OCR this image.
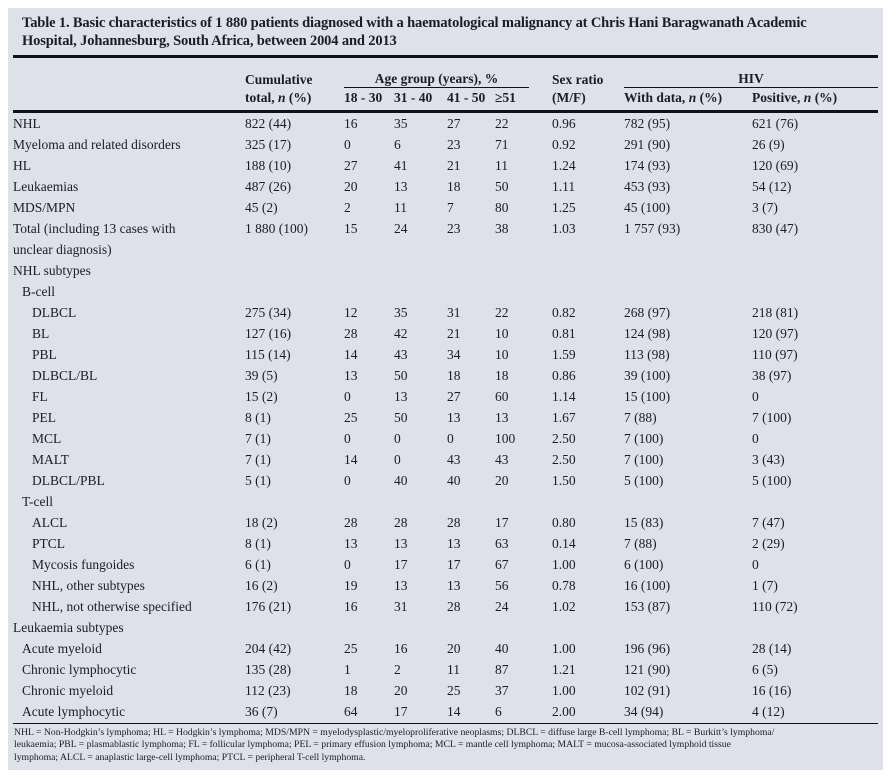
Table 1. Basic characteristics of 1 880 patients diagnosed with a haematological malignancy at Chris Hani Baragwanath Academic
Hospital, Johannesburg, South Africa, between 2004 and 2013
	Cumulative	Age group (years), %					Sex ratio	HIV	
	total, n (%)	18 - 30	31 - 40	41 - 50	≥51		(M/F)	With data, n (%)	Positive, n (%)
NHL	822 (44)	16	35	27	22		0.96	782 (95)	621 (76)
Myeloma and related disorders	325 (17)	0	6	23	71		0.92	291 (90)	26 (9)
HL	188 (10)	27	41	21	11		1.24	174 (93)	120 (69)
Leukaemias	487 (26)	20	13	18	50		1.11	453 (93)	54 (12)
MDS/MPN	45 (2)	2	11	7	80		1.25	45 (100)	3 (7)
Total (including 13 cases with
unclear diagnosis)	1 880 (100)	15	24	23	38		1.03	1 757 (93)	830 (47)
NHL subtypes									
B-cell									
DLBCL	275 (34)	12	35	31	22		0.82	268 (97)	218 (81)
BL	127 (16)	28	42	21	10		0.81	124 (98)	120 (97)
PBL	115 (14)	14	43	34	10		1.59	113 (98)	110 (97)
DLBCL/BL	39 (5)	13	50	18	18		0.86	39 (100)	38 (97)
FL	15 (2)	0	13	27	60		1.14	15 (100)	0
PEL	8 (1)	25	50	13	13		1.67	7 (88)	7 (100)
MCL	7 (1)	0	0	0	100		2.50	7 (100)	0
MALT	7 (1)	14	0	43	43		2.50	7 (100)	3 (43)
DLBCL/PBL	5 (1)	0	40	40	20		1.50	5 (100)	5 (100)
T-cell									
ALCL	18 (2)	28	28	28	17		0.80	15 (83)	7 (47)
PTCL	8 (1)	13	13	13	63		0.14	7 (88)	2 (29)
Mycosis fungoides	6 (1)	0	17	17	67		1.00	6 (100)	0
NHL, other subtypes	16 (2)	19	13	13	56		0.78	16 (100)	1 (7)
NHL, not otherwise specified	176 (21)	16	31	28	24		1.02	153 (87)	110 (72)
Leukaemia subtypes									
Acute myeloid	204 (42)	25	16	20	40		1.00	196 (96)	28 (14)
Chronic lymphocytic	135 (28)	1	2	11	87		1.21	121 (90)	6 (5)
Chronic myeloid	112 (23)	18	20	25	37		1.00	102 (91)	16 (16)
Acute lymphocytic	36 (7)	64	17	14	6		2.00	34 (94)	4 (12)
NHL = Non-Hodgkin’s lymphoma; HL = Hodgkin’s lymphoma; MDS/MPN = myelodysplastic/myeloproliferative neoplasms; DLBCL = diffuse large B-cell lymphoma; BL = Burkitt’s lymphoma/
leukaemia; PBL = plasmablastic lymphoma; FL = follicular lymphoma; PEL = primary effusion lymphoma; MCL = mantle cell lymphoma; MALT = mucosa-associated lymphoid tissue
lymphoma; ALCL = anaplastic large-cell lymphoma; PTCL = peripheral T-cell lymphoma.
